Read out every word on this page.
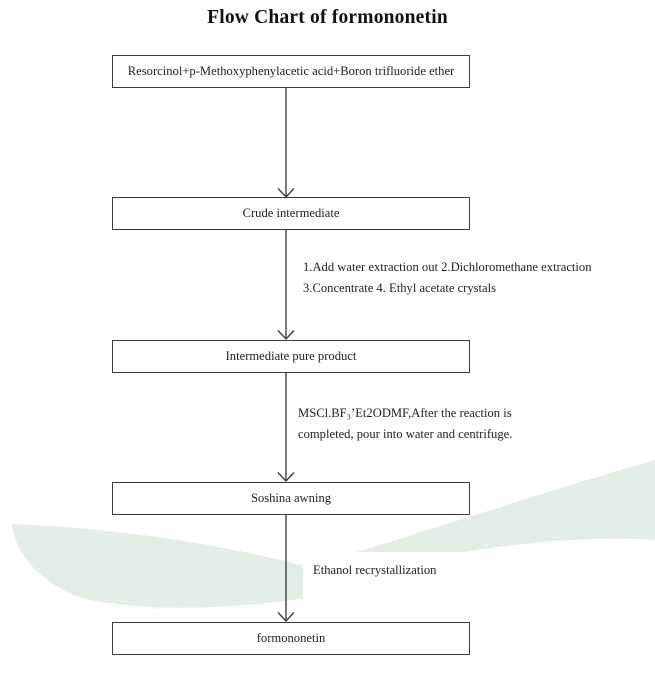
Flow Chart of formononetin
Resorcinol+p-Methoxyphenylacetic acid+Boron trifluoride ether
Crude intermediate
Intermediate pure product
Soshina awning
formononetin
1.Add water extraction out 2.Dichloromethane extraction
3.Concentrate 4. Ethyl acetate crystals
MSCl.BF₃’Et2ODMF,After the reaction is
completed, pour into water and centrifuge.
Ethanol recrystallization
